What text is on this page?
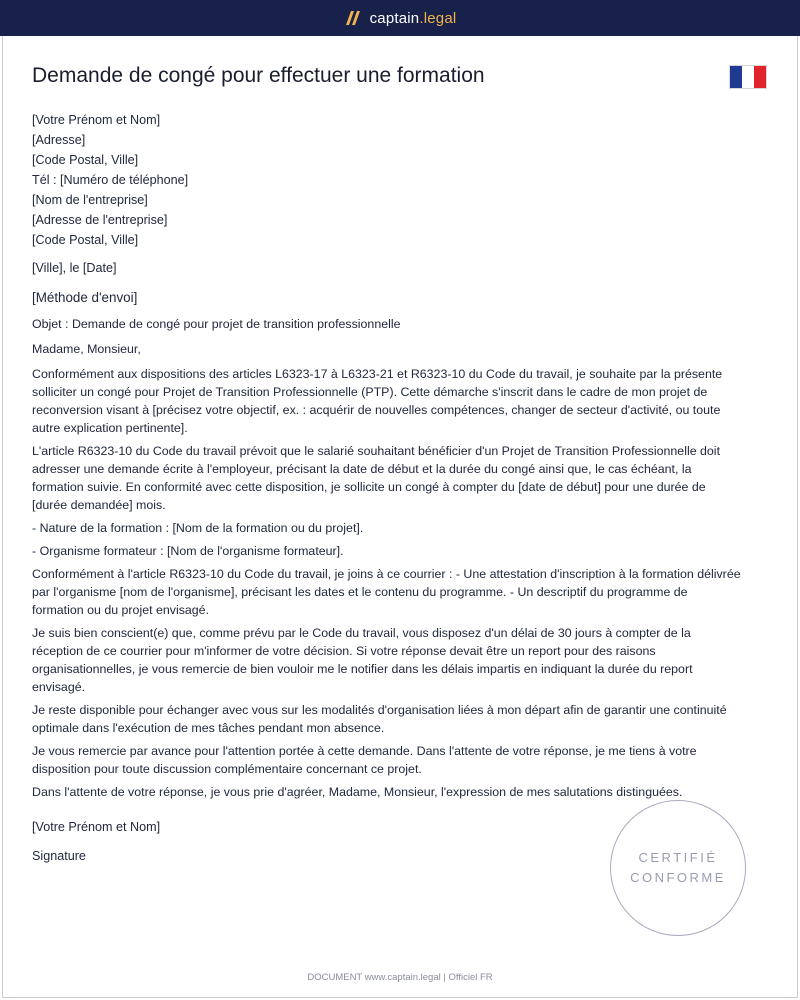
captain.legal
Demande de congé pour effectuer une formation
[Votre Prénom et Nom]
[Adresse]
[Code Postal, Ville]
Tél : [Numéro de téléphone]
[Nom de l'entreprise]
[Adresse de l'entreprise]
[Code Postal, Ville]
[Ville], le [Date]
[Méthode d'envoi]
Objet : Demande de congé pour projet de transition professionnelle
Madame, Monsieur,
Conformément aux dispositions des articles L6323-17 à L6323-21 et R6323-10 du Code du travail, je souhaite par la présente solliciter un congé pour Projet de Transition Professionnelle (PTP). Cette démarche s'inscrit dans le cadre de mon projet de reconversion visant à [précisez votre objectif, ex. : acquérir de nouvelles compétences, changer de secteur d'activité, ou toute autre explication pertinente].
L'article R6323-10 du Code du travail prévoit que le salarié souhaitant bénéficier d'un Projet de Transition Professionnelle doit adresser une demande écrite à l'employeur, précisant la date de début et la durée du congé ainsi que, le cas échéant, la formation suivie. En conformité avec cette disposition, je sollicite un congé à compter du [date de début] pour une durée de [durée demandée] mois.
- Nature de la formation : [Nom de la formation ou du projet].
- Organisme formateur : [Nom de l'organisme formateur].
Conformément à l'article R6323-10 du Code du travail, je joins à ce courrier : - Une attestation d'inscription à la formation délivrée par l'organisme [nom de l'organisme], précisant les dates et le contenu du programme. - Un descriptif du programme de formation ou du projet envisagé.
Je suis bien conscient(e) que, comme prévu par le Code du travail, vous disposez d'un délai de 30 jours à compter de la réception de ce courrier pour m'informer de votre décision. Si votre réponse devait être un report pour des raisons organisationnelles, je vous remercie de bien vouloir me le notifier dans les délais impartis en indiquant la durée du report envisagé.
Je reste disponible pour échanger avec vous sur les modalités d'organisation liées à mon départ afin de garantir une continuité optimale dans l'exécution de mes tâches pendant mon absence.
Je vous remercie par avance pour l'attention portée à cette demande. Dans l'attente de votre réponse, je me tiens à votre disposition pour toute discussion complémentaire concernant ce projet.
Dans l'attente de votre réponse, je vous prie d'agréer, Madame, Monsieur, l'expression de mes salutations distinguées.
[Votre Prénom et Nom]
Signature	CERTIFIÉ
CONFORME
DOCUMENT www.captain.legal | Officiel FR
